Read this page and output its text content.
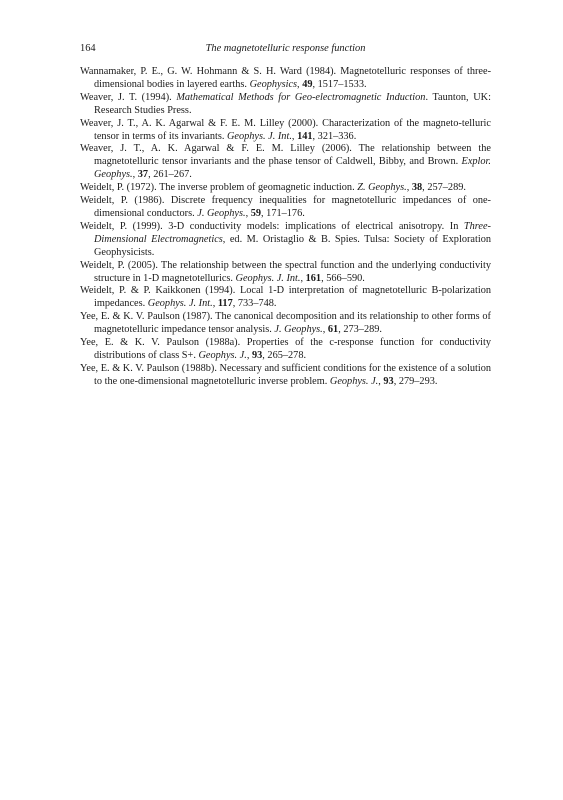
164	The magnetotelluric response function
Wannamaker, P. E., G. W. Hohmann & S. H. Ward (1984). Magnetotelluric responses of three-dimensional bodies in layered earths. Geophysics, 49, 1517–1533.
Weaver, J. T. (1994). Mathematical Methods for Geo-electromagnetic Induction. Taunton, UK: Research Studies Press.
Weaver, J. T., A. K. Agarwal & F. E. M. Lilley (2000). Characterization of the magneto-telluric tensor in terms of its invariants. Geophys. J. Int., 141, 321–336.
Weaver, J. T., A. K. Agarwal & F. E. M. Lilley (2006). The relationship between the magnetotelluric tensor invariants and the phase tensor of Caldwell, Bibby, and Brown. Explor. Geophys., 37, 261–267.
Weidelt, P. (1972). The inverse problem of geomagnetic induction. Z. Geophys., 38, 257–289.
Weidelt, P. (1986). Discrete frequency inequalities for magnetotelluric impedances of one-dimensional conductors. J. Geophys., 59, 171–176.
Weidelt, P. (1999). 3-D conductivity models: implications of electrical anisotropy. In Three-Dimensional Electromagnetics, ed. M. Oristaglio & B. Spies. Tulsa: Society of Exploration Geophysicists.
Weidelt, P. (2005). The relationship between the spectral function and the underlying conductivity structure in 1-D magnetotellurics. Geophys. J. Int., 161, 566–590.
Weidelt, P. & P. Kaikkonen (1994). Local 1-D interpretation of magnetotelluric B-polarization impedances. Geophys. J. Int., 117, 733–748.
Yee, E. & K. V. Paulson (1987). The canonical decomposition and its relationship to other forms of magnetotelluric impedance tensor analysis. J. Geophys., 61, 273–289.
Yee, E. & K. V. Paulson (1988a). Properties of the c-response function for conductivity distributions of class S+. Geophys. J., 93, 265–278.
Yee, E. & K. V. Paulson (1988b). Necessary and sufficient conditions for the existence of a solution to the one-dimensional magnetotelluric inverse problem. Geophys. J., 93, 279–293.
